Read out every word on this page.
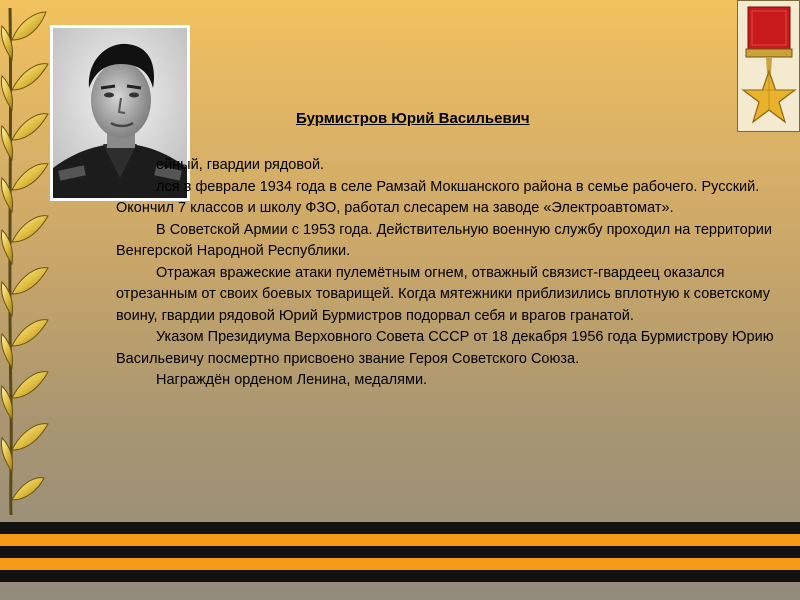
Бурмистров Юрий Васильевич

ейный, гвардии рядовой.

лся в феврале 1934 года в селе Рамзай Мокшанского района в семье рабочего. Русский. Окончил 7 классов и школу ФЗО, работал слесарем на заводе «Электроавтомат».

В Советской Армии с 1953 года. Действительную военную службу проходил на территории Венгерской Народной Республики.

Отражая вражеские атаки пулемётным огнем, отважный связист-гвардеец оказался отрезанным от своих боевых товарищей. Когда мятежники приблизились вплотную к советскому воину, гвардии рядовой Юрий Бурмистров подорвал себя и врагов гранатой.

Указом Президиума Верховного Совета СССР от 18 декабря 1956 года Бурмистрову Юрию Васильевичу посмертно присвоено звание Героя Советского Союза.

Награждён орденом Ленина, медалями.
